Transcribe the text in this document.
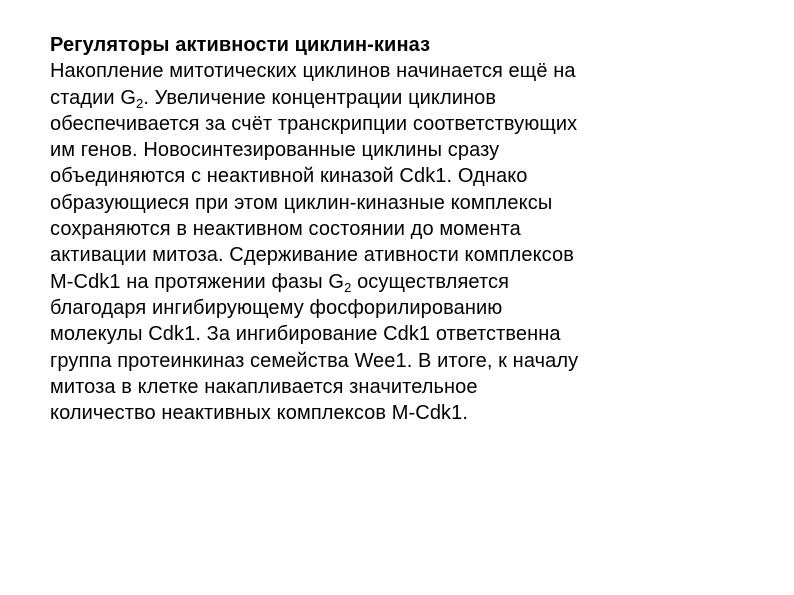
Регуляторы активности циклин-киназ
Накопление митотических циклинов начинается ещё на
стадии $G_2$. Увеличение концентрации циклинов
обеспечивается за счёт транскрипции соответствующих
им генов. Новосинтезированные циклины сразу
объединяются с неактивной киназой Cdk1. Однако
образующиеся при этом циклин-киназные комплексы
сохраняются в неактивном состоянии до момента
активации митоза. Сдерживание ативности комплексов
M-Cdk1 на протяжении фазы $G_2$ осуществляется
благодаря ингибирующему фосфорилированию
молекулы Cdk1. За ингибирование Cdk1 ответственна
группа протеинкиназ семейства Wee1. В итоге, к началу
митоза в клетке накапливается значительное
количество неактивных комплексов M-Cdk1.
